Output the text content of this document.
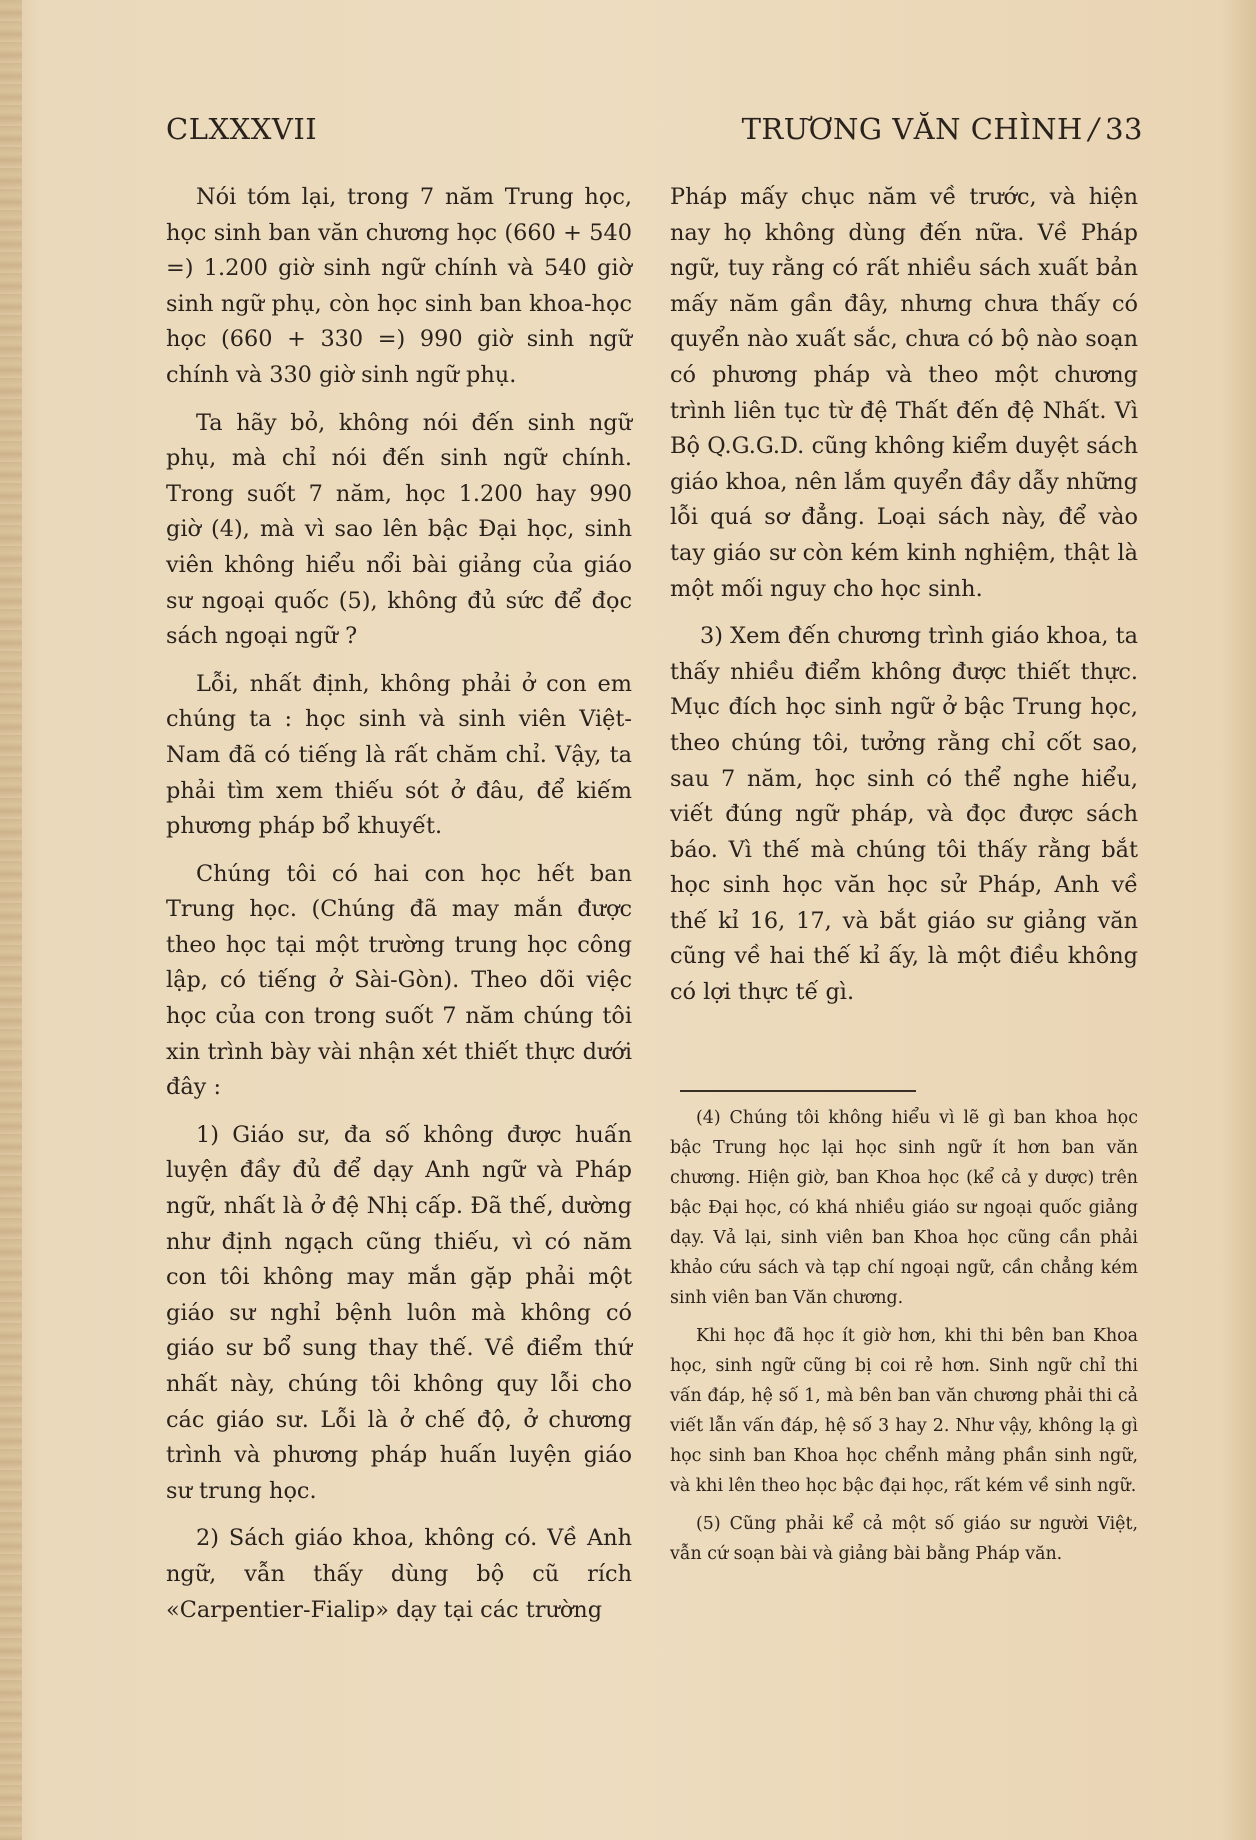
CLXXXVII	TRƯƠNG VĂN CHÌNH / 33

Nói tóm lại, trong 7 năm Trung học, học sinh ban văn chương học (660 + 540 =) 1.200 giờ sinh ngữ chính và 540 giờ sinh ngữ phụ, còn học sinh ban khoa-học học (660 + 330 =) 990 giờ sinh ngữ chính và 330 giờ sinh ngữ phụ.

Ta hãy bỏ, không nói đến sinh ngữ phụ, mà chỉ nói đến sinh ngữ chính. Trong suốt 7 năm, học 1.200 hay 990 giờ (4), mà vì sao lên bậc Đại học, sinh viên không hiểu nổi bài giảng của giáo sư ngoại quốc (5), không đủ sức để đọc sách ngoại ngữ ?

Lỗi, nhất định, không phải ở con em chúng ta : học sinh và sinh viên Việt-Nam đã có tiếng là rất chăm chỉ. Vậy, ta phải tìm xem thiếu sót ở đâu, để kiếm phương pháp bổ khuyết.

Chúng tôi có hai con học hết ban Trung học. (Chúng đã may mắn được theo học tại một trường trung học công lập, có tiếng ở Sài-Gòn). Theo dõi việc học của con trong suốt 7 năm chúng tôi xin trình bày vài nhận xét thiết thực dưới đây :

1) Giáo sư, đa số không được huấn luyện đầy đủ để dạy Anh ngữ và Pháp ngữ, nhất là ở đệ Nhị cấp. Đã thế, dường như định ngạch cũng thiếu, vì có năm con tôi không may mắn gặp phải một giáo sư nghỉ bệnh luôn mà không có giáo sư bổ sung thay thế. Về điểm thứ nhất này, chúng tôi không quy lỗi cho các giáo sư. Lỗi là ở chế độ, ở chương trình và phương pháp huấn luyện giáo sư trung học.

2) Sách giáo khoa, không có. Về Anh ngữ, vẫn thấy dùng bộ cũ rích «Carpentier-Fialip» dạy tại các trường

Pháp mấy chục năm về trước, và hiện nay họ không dùng đến nữa. Về Pháp ngữ, tuy rằng có rất nhiều sách xuất bản mấy năm gần đây, nhưng chưa thấy có quyển nào xuất sắc, chưa có bộ nào soạn có phương pháp và theo một chương trình liên tục từ đệ Thất đến đệ Nhất. Vì Bộ Q.G.G.D. cũng không kiểm duyệt sách giáo khoa, nên lắm quyển đầy dẫy những lỗi quá sơ đẳng. Loại sách này, để vào tay giáo sư còn kém kinh nghiệm, thật là một mối nguy cho học sinh.

3) Xem đến chương trình giáo khoa, ta thấy nhiều điểm không được thiết thực. Mục đích học sinh ngữ ở bậc Trung học, theo chúng tôi, tưởng rằng chỉ cốt sao, sau 7 năm, học sinh có thể nghe hiểu, viết đúng ngữ pháp, và đọc được sách báo. Vì thế mà chúng tôi thấy rằng bắt học sinh học văn học sử Pháp, Anh về thế kỉ 16, 17, và bắt giáo sư giảng văn cũng về hai thế kỉ ấy, là một điều không có lợi thực tế gì.

(4) Chúng tôi không hiểu vì lẽ gì ban khoa học bậc Trung học lại học sinh ngữ ít hơn ban văn chương. Hiện giờ, ban Khoa học (kể cả y dược) trên bậc Đại học, có khá nhiều giáo sư ngoại quốc giảng dạy. Vả lại, sinh viên ban Khoa học cũng cần phải khảo cứu sách và tạp chí ngoại ngữ, cần chẳng kém sinh viên ban Văn chương.

Khi học đã học ít giờ hơn, khi thi bên ban Khoa học, sinh ngữ cũng bị coi rẻ hơn. Sinh ngữ chỉ thi vấn đáp, hệ số 1, mà bên ban văn chương phải thi cả viết lẫn vấn đáp, hệ số 3 hay 2. Như vậy, không lạ gì học sinh ban Khoa học chểnh mảng phần sinh ngữ, và khi lên theo học bậc đại học, rất kém về sinh ngữ.

(5) Cũng phải kể cả một số giáo sư người Việt, vẫn cứ soạn bài và giảng bài bằng Pháp văn.
